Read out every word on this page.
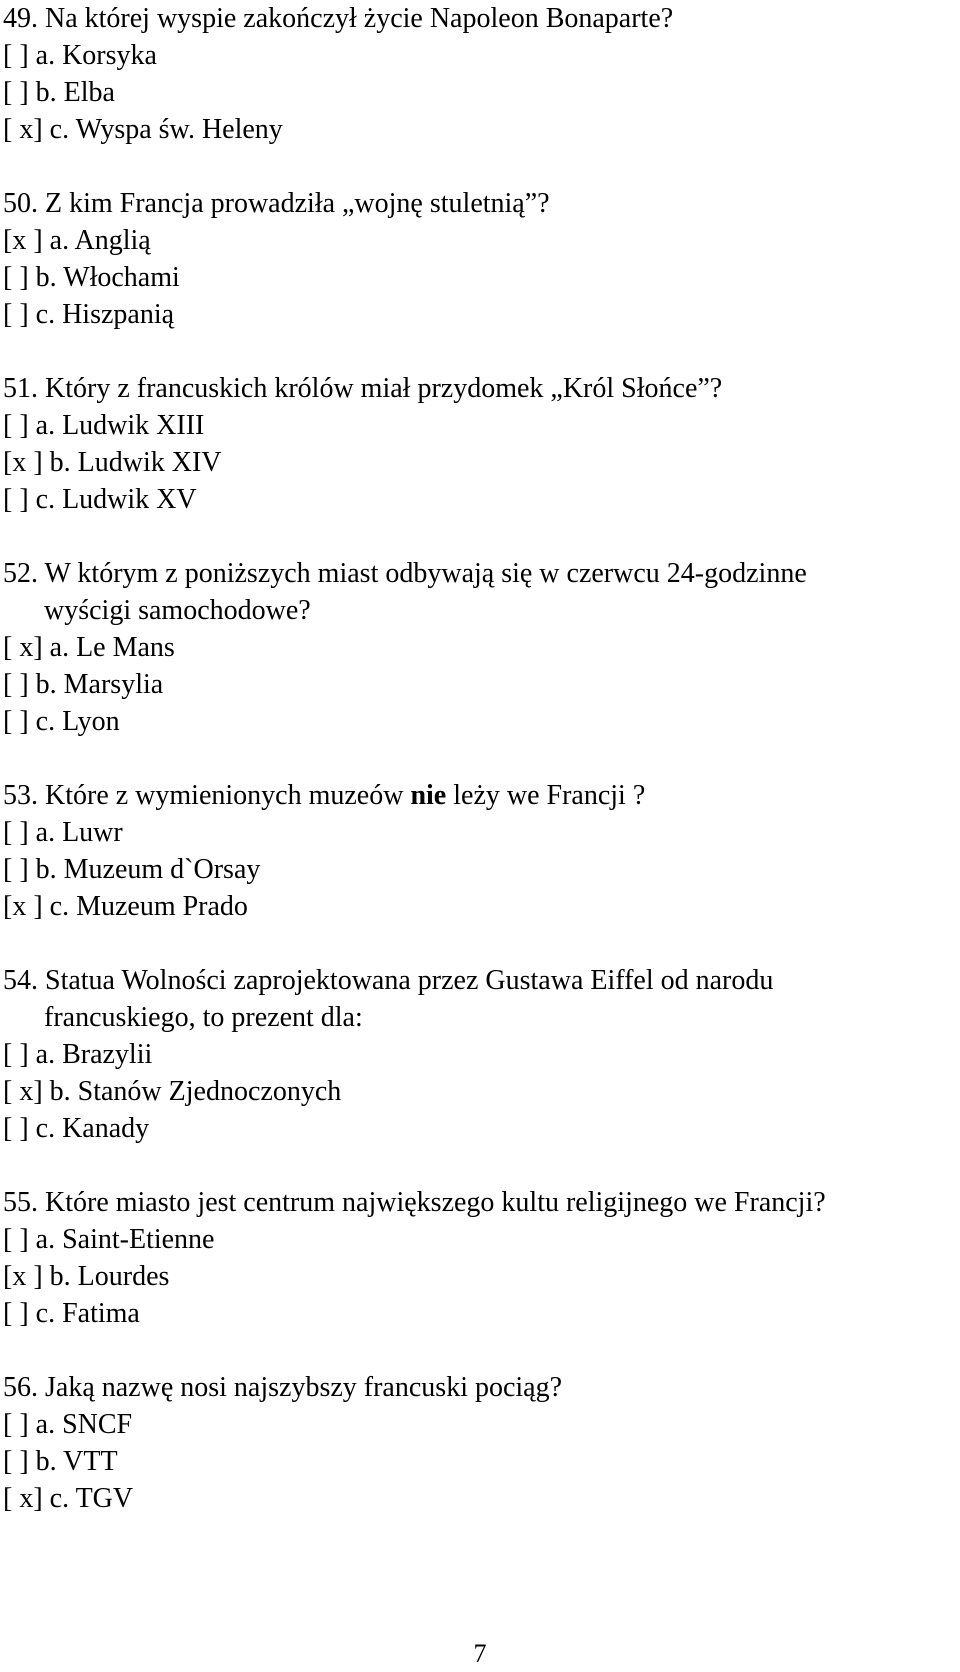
49. Na której wyspie zakończył życie Napoleon Bonaparte?
[ ] a. Korsyka
[ ] b. Elba
[ x] c. Wyspa św. Heleny
50. Z kim Francja prowadziła „wojnę stuletnią”?
[x ] a. Anglią
[ ] b. Włochami
[ ] c. Hiszpanią
51. Który z francuskich królów miał przydomek „Król Słońce”?
[ ] a. Ludwik XIII
[x ] b. Ludwik XIV
[ ] c. Ludwik XV
52. W którym z poniższych miast odbywają się w czerwcu 24-godzinne
wyścigi samochodowe?
[ x] a. Le Mans
[ ] b. Marsylia
[ ] c. Lyon
53. Które z wymienionych muzeów nie leży we Francji ?
[ ] a. Luwr
[ ] b. Muzeum d`Orsay
[x ] c. Muzeum Prado
54. Statua Wolności zaprojektowana przez Gustawa Eiffel od narodu
francuskiego, to prezent dla:
[ ] a. Brazylii
[ x] b. Stanów Zjednoczonych
[ ] c. Kanady
55. Które miasto jest centrum największego kultu religijnego we Francji?
[ ] a. Saint-Etienne
[x ] b. Lourdes
[ ] c. Fatima
56. Jaką nazwę nosi najszybszy francuski pociąg?
[ ] a. SNCF
[ ] b. VTT
[ x] c. TGV
7
